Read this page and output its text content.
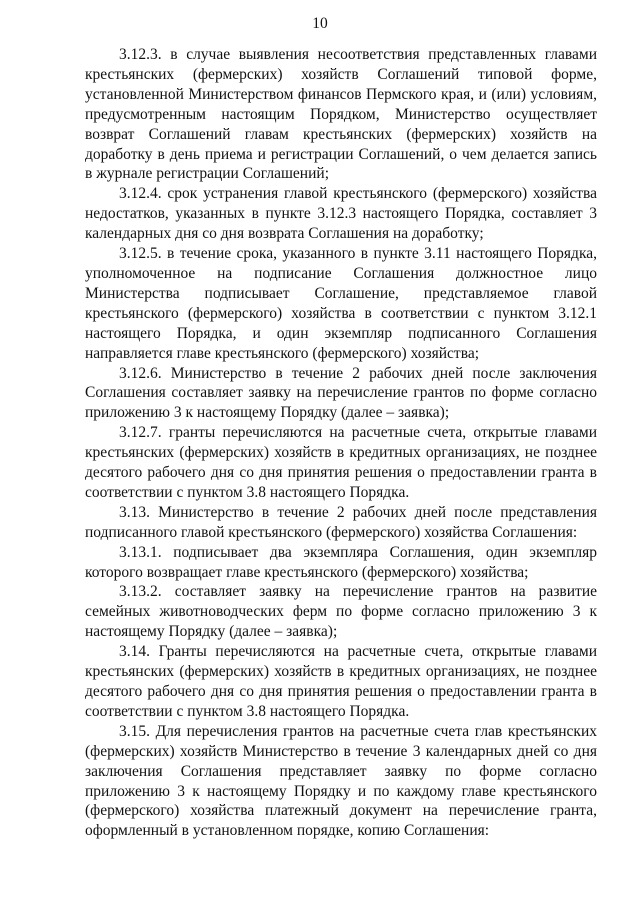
10

3.12.3. в случае выявления несоответствия представленных главами крестьянских (фермерских) хозяйств Соглашений типовой форме, установленной Министерством финансов Пермского края, и (или) условиям, предусмотренным настоящим Порядком, Министерство осуществляет возврат Соглашений главам крестьянских (фермерских) хозяйств на доработку в день приема и регистрации Соглашений, о чем делается запись в журнале регистрации Соглашений;

3.12.4. срок устранения главой крестьянского (фермерского) хозяйства недостатков, указанных в пункте 3.12.3 настоящего Порядка, составляет 3 календарных дня со дня возврата Соглашения на доработку;

3.12.5. в течение срока, указанного в пункте 3.11 настоящего Порядка, уполномоченное на подписание Соглашения должностное лицо Министерства подписывает Соглашение, представляемое главой крестьянского (фермерского) хозяйства в соответствии с пунктом 3.12.1 настоящего Порядка, и один экземпляр подписанного Соглашения направляется главе крестьянского (фермерского) хозяйства;

3.12.6. Министерство в течение 2 рабочих дней после заключения Соглашения составляет заявку на перечисление грантов по форме согласно приложению 3 к настоящему Порядку (далее – заявка);

3.12.7. гранты перечисляются на расчетные счета, открытые главами крестьянских (фермерских) хозяйств в кредитных организациях, не позднее десятого рабочего дня со дня принятия решения о предоставлении гранта в соответствии с пунктом 3.8 настоящего Порядка.

3.13. Министерство в течение 2 рабочих дней после представления подписанного главой крестьянского (фермерского) хозяйства Соглашения:

3.13.1. подписывает два экземпляра Соглашения, один экземпляр которого возвращает главе крестьянского (фермерского) хозяйства;

3.13.2. составляет заявку на перечисление грантов на развитие семейных животноводческих ферм по форме согласно приложению 3 к настоящему Порядку (далее – заявка);

3.14. Гранты перечисляются на расчетные счета, открытые главами крестьянских (фермерских) хозяйств в кредитных организациях, не позднее десятого рабочего дня со дня принятия решения о предоставлении гранта в соответствии с пунктом 3.8 настоящего Порядка.

3.15. Для перечисления грантов на расчетные счета глав крестьянских (фермерских) хозяйств Министерство в течение 3 календарных дней со дня заключения Соглашения представляет заявку по форме согласно приложению 3 к настоящему Порядку и по каждому главе крестьянского (фермерского) хозяйства платежный документ на перечисление гранта, оформленный в установленном порядке, копию Соглашения:
